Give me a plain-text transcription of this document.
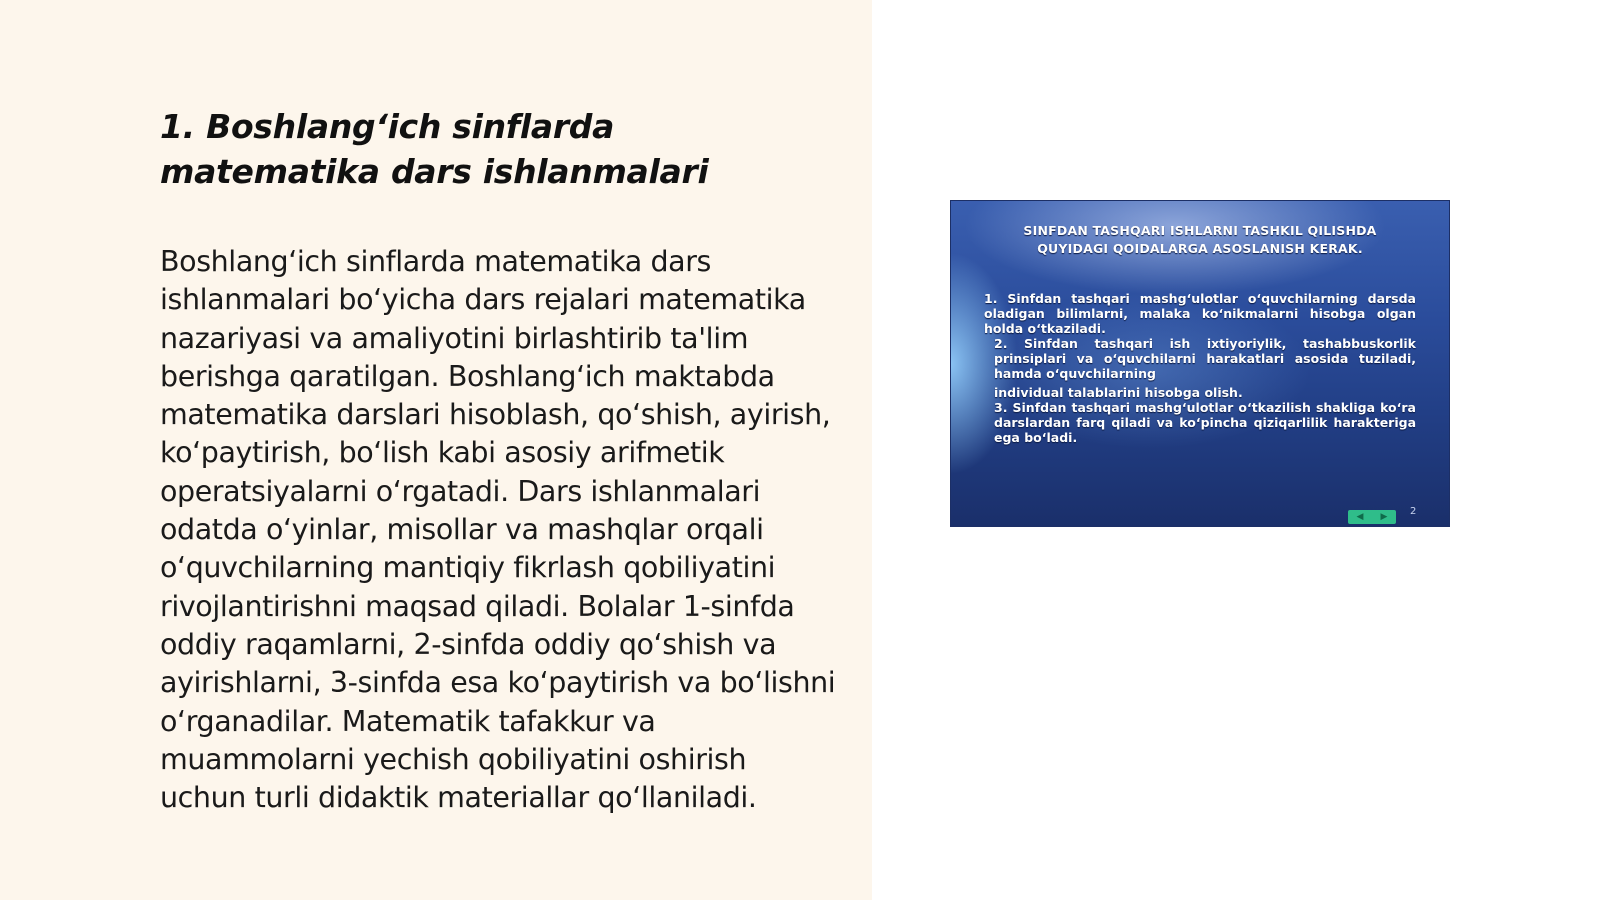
1. Boshlang‘ich sinflarda matematika dars ishlanmalari

Boshlang‘ich sinflarda matematika dars ishlanmalari bo‘yicha dars rejalari matematika nazariyasi va amaliyotini birlashtirib ta'lim berishga qaratilgan. Boshlang‘ich maktabda matematika darslari hisoblash, qo‘shish, ayirish, ko‘paytirish, bo‘lish kabi asosiy arifmetik operatsiyalarni o‘rgatadi. Dars ishlanmalari odatda o‘yinlar, misollar va mashqlar orqali o‘quvchilarning mantiqiy fikrlash qobiliyatini rivojlantirishni maqsad qiladi. Bolalar 1-sinfda oddiy raqamlarni, 2-sinfda oddiy qo‘shish va ayirishlarni, 3-sinfda esa ko‘paytirish va bo‘lishni o‘rganadilar. Matematik tafakkur va muammolarni yechish qobiliyatini oshirish uchun turli didaktik materiallar qo‘llaniladi.

SINFDAN TASHQARI ISHLARNI TASHKIL QILISHDA
QUYIDAGI QOIDALARGA ASOSLANISH KERAK.

1. Sinfdan tashqari mashg‘ulotlar o‘quvchilarning darsda oladigan bilimlarni, malaka ko‘nikmalarni hisobga olgan holda o‘tkaziladi.

2. Sinfdan tashqari ish ixtiyoriylik, tashabbuskorlik prinsiplari va o‘quvchilarni harakatlari asosida tuziladi, hamda o‘quvchilarning

individual talablarini hisobga olish.

3. Sinfdan tashqari mashg‘ulotlar o‘tkazilish shakliga ko‘ra darslardan farq qiladi va ko‘pincha qiziqarlilik harakteriga ega bo‘ladi.

◀ ▶ 2
